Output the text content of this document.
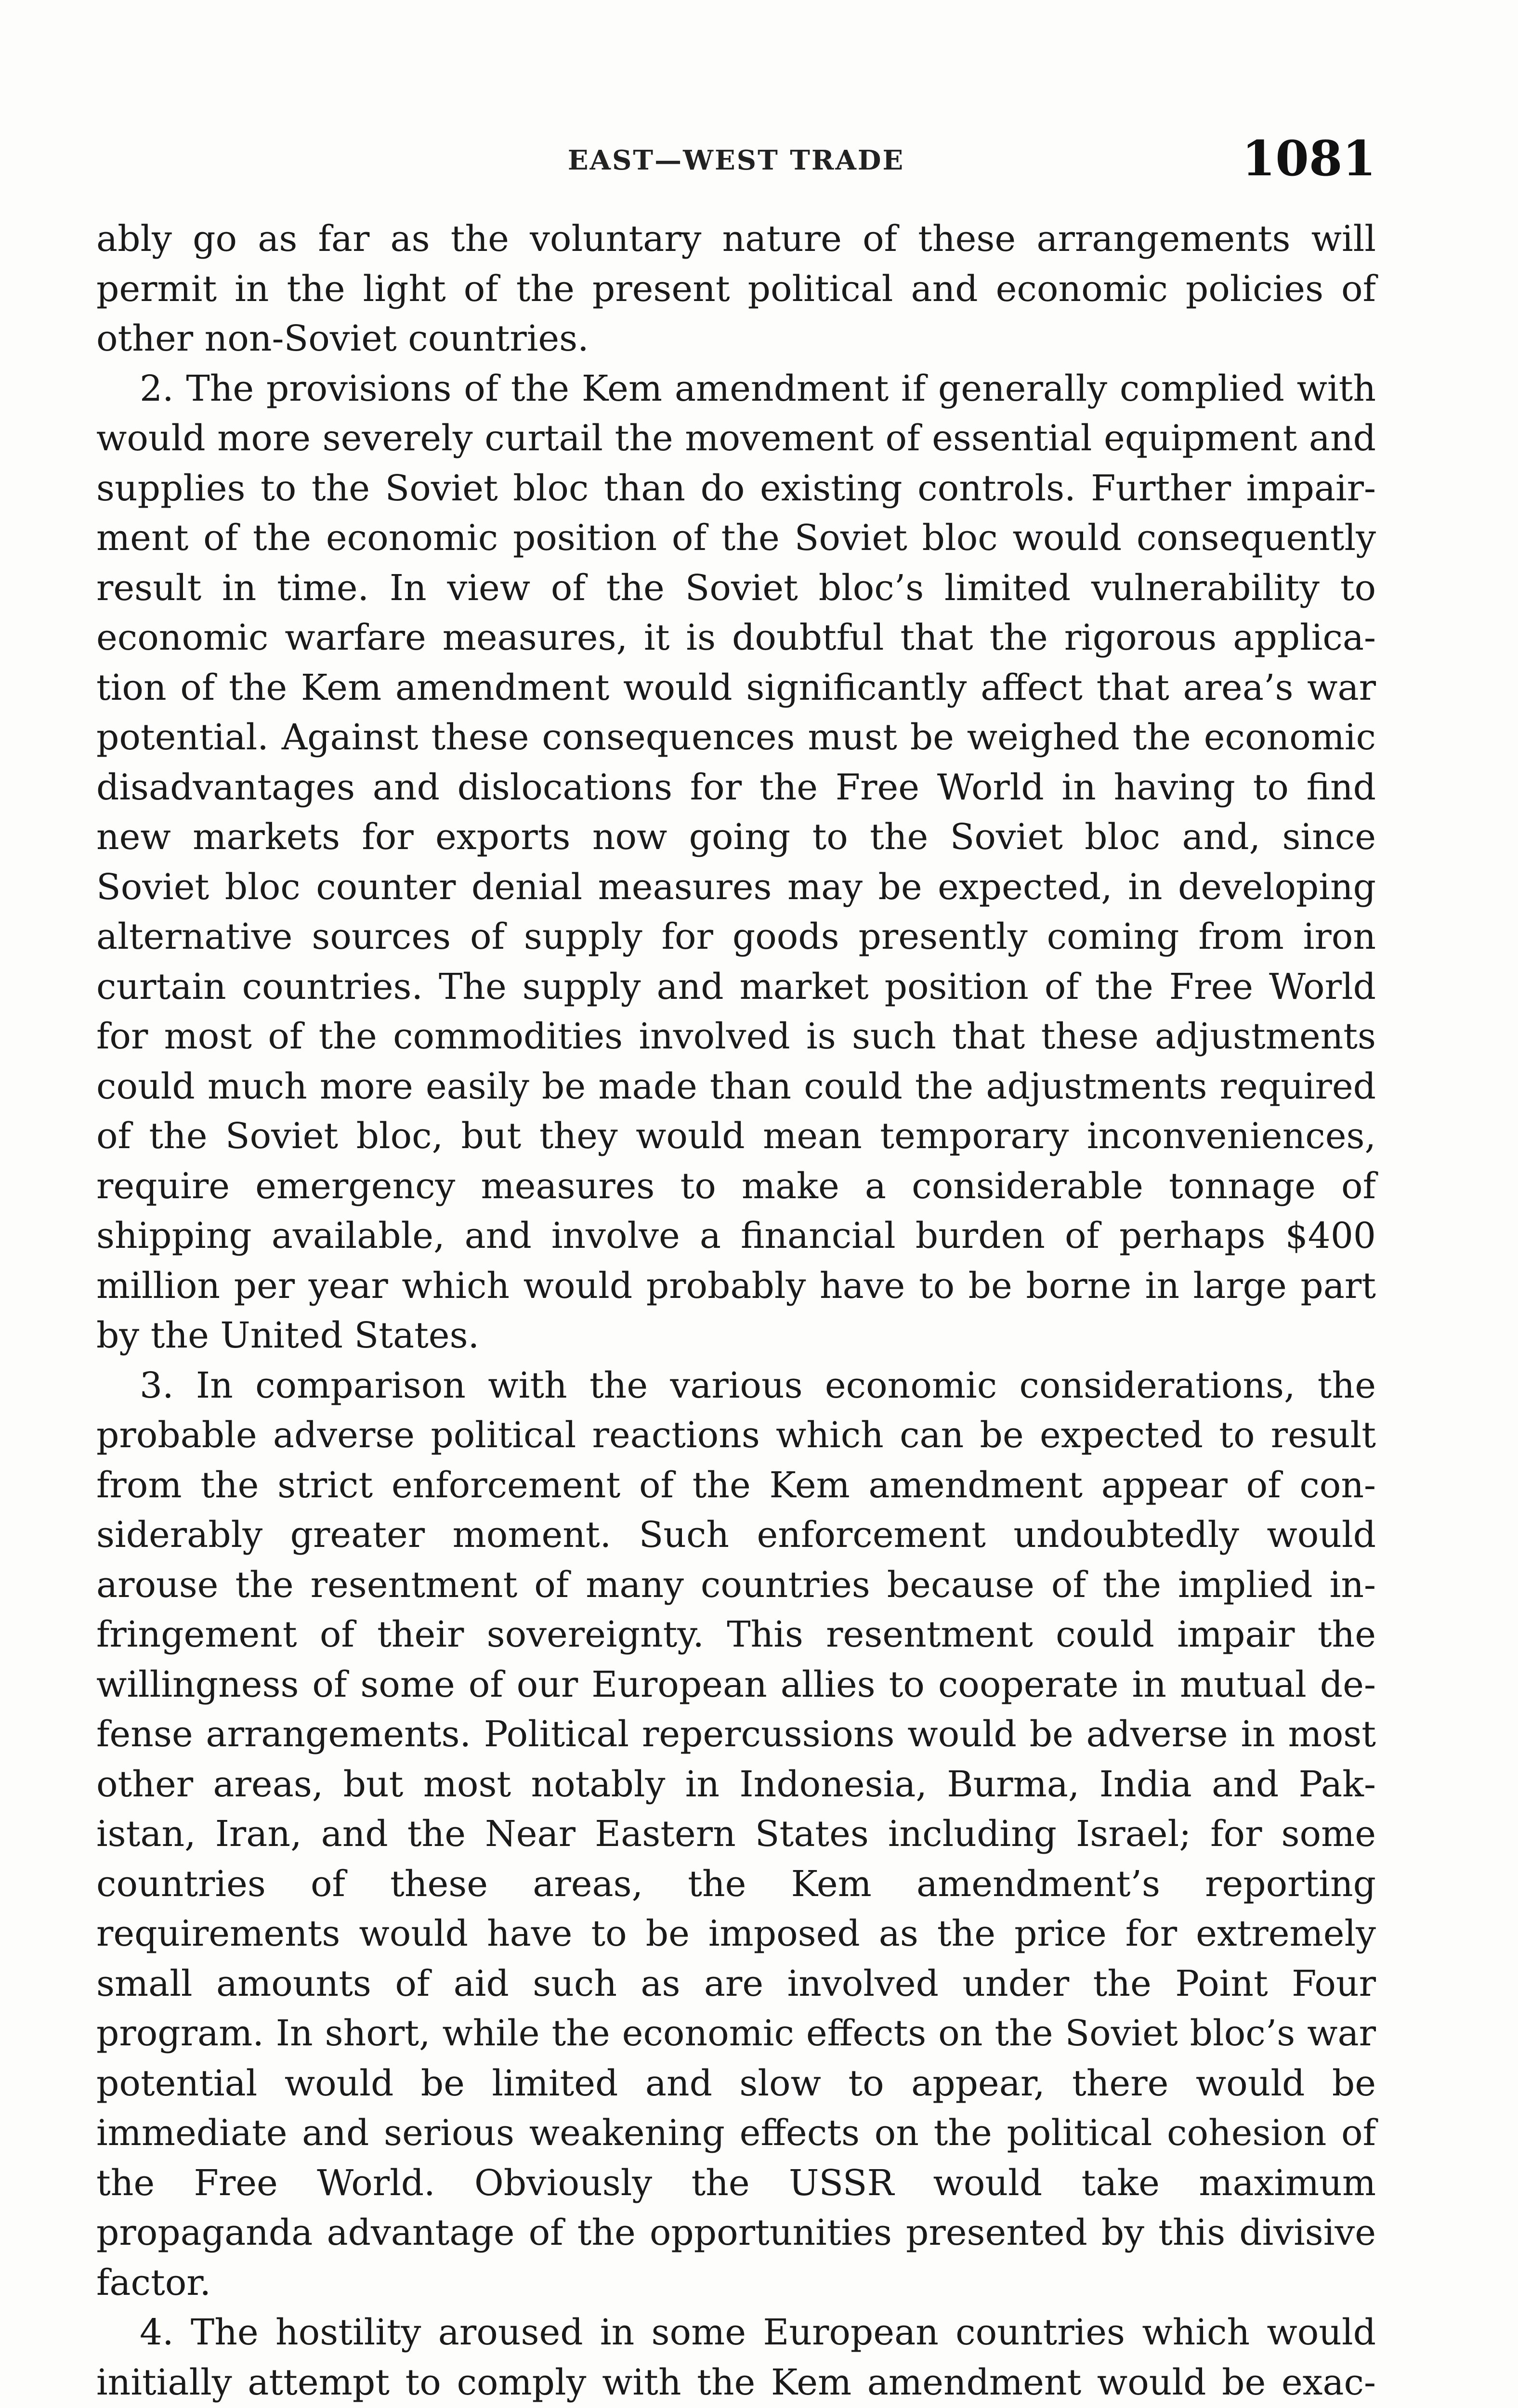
EAST—WEST TRADE	1081

ably go as far as the voluntary nature of these arrangements will permit in the light of the present political and economic policies of other non-Soviet countries.

2. The provisions of the Kem amendment if generally complied with would more severely curtail the movement of essential equipment and supplies to the Soviet bloc than do existing controls. Further impairment of the economic position of the Soviet bloc would consequently result in time. In view of the Soviet bloc’s limited vulnerability to economic warfare measures, it is doubtful that the rigorous application of the Kem amendment would significantly affect that area’s war potential. Against these consequences must be weighed the economic disadvantages and dislocations for the Free World in having to find new markets for exports now going to the Soviet bloc and, since Soviet bloc counter denial measures may be expected, in developing alternative sources of supply for goods presently coming from iron curtain countries. The supply and market position of the Free World for most of the commodities involved is such that these adjustments could much more easily be made than could the adjustments required of the Soviet bloc, but they would mean temporary inconveniences, require emergency measures to make a considerable tonnage of shipping available, and involve a financial burden of perhaps $400 million per year which would probably have to be borne in large part by the United States.

3. In comparison with the various economic considerations, the probable adverse political reactions which can be expected to result from the strict enforcement of the Kem amendment appear of considerably greater moment. Such enforcement undoubtedly would arouse the resentment of many countries because of the implied infringement of their sovereignty. This resentment could impair the willingness of some of our European allies to cooperate in mutual defense arrangements. Political repercussions would be adverse in most other areas, but most notably in Indonesia, Burma, India and Pakistan, Iran, and the Near Eastern States including Israel; for some countries of these areas, the Kem amendment’s reporting requirements would have to be imposed as the price for extremely small amounts of aid such as are involved under the Point Four program. In short, while the economic effects on the Soviet bloc’s war potential would be limited and slow to appear, there would be immediate and serious weakening effects on the political cohesion of the Free World. Obviously the USSR would take maximum propaganda advantage of the opportunities presented by this divisive factor.

4. The hostility aroused in some European countries which would initially attempt to comply with the Kem amendment would be exac
